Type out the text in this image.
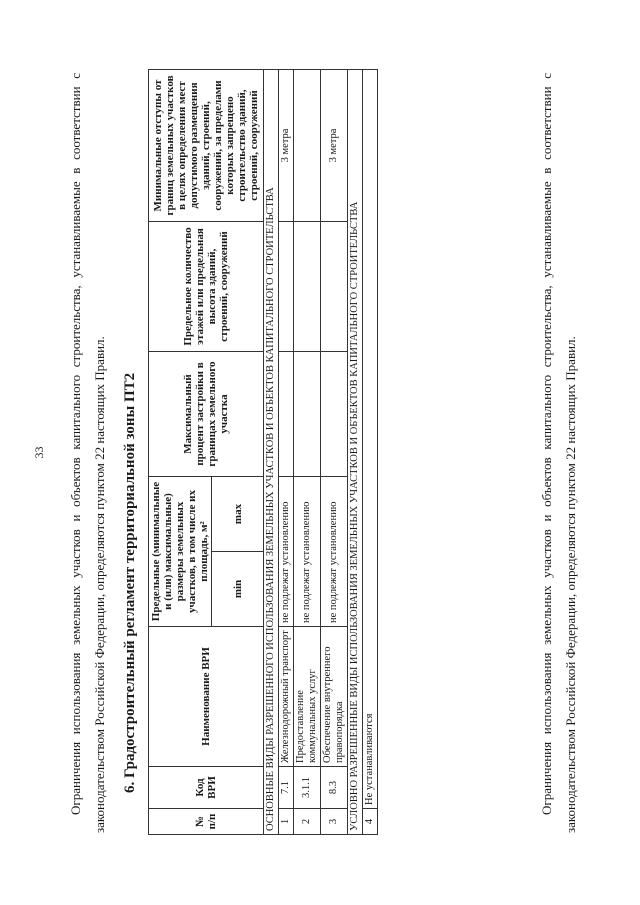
33	Ограничения использования земельных участков и объектов капитального строительства, устанавливаемые в соответствии с законодательством Российской Федерации, определяются пунктом 22 настоящих Правил.	6. Градостроительный регламент территориальной зоны ПТ2
№ п/п	Код ВРИ	Наименование ВРИ	Предельные (минимальные и (или) максимальные) размеры земельных участков, в том числе их площадь, м²		Максимальный процент застройки в границах земельного участка	Предельное количество этажей или предельная высота зданий, строений, сооружений	Минимальные отступы от границ земельных участков в целях определения мест допустимого размещения зданий, строений, сооружений, за пределами которых запрещено строительство зданий, строений, сооружений
			min	max			
ОСНОВНЫЕ ВИДЫ РАЗРЕШЕННОГО ИСПОЛЬЗОВАНИЯ ЗЕМЕЛЬНЫХ УЧАСТКОВ И ОБЪЕКТОВ КАПИТАЛЬНОГО СТРОИТЕЛЬСТВА							
1	7.1	Железнодорожный транспорт	не подлежат установлению				3 метра
2	3.1.1	Предоставление коммунальных услуг	не подлежат установлению				
3	8.3	Обеспечение внутреннего правопорядка	не подлежат установлению				3 метра
УСЛОВНО РАЗРЕШЕННЫЕ ВИДЫ ИСПОЛЬЗОВАНИЯ ЗЕМЕЛЬНЫХ УЧАСТКОВ И ОБЪЕКТОВ КАПИТАЛЬНОГО СТРОИТЕЛЬСТВА							
4	Не устанавливаются							Ограничения использования земельных участков и объектов капитального строительства, устанавливаемые в соответствии с законодательством Российской Федерации, определяются пунктом 22 настоящих Правил.
